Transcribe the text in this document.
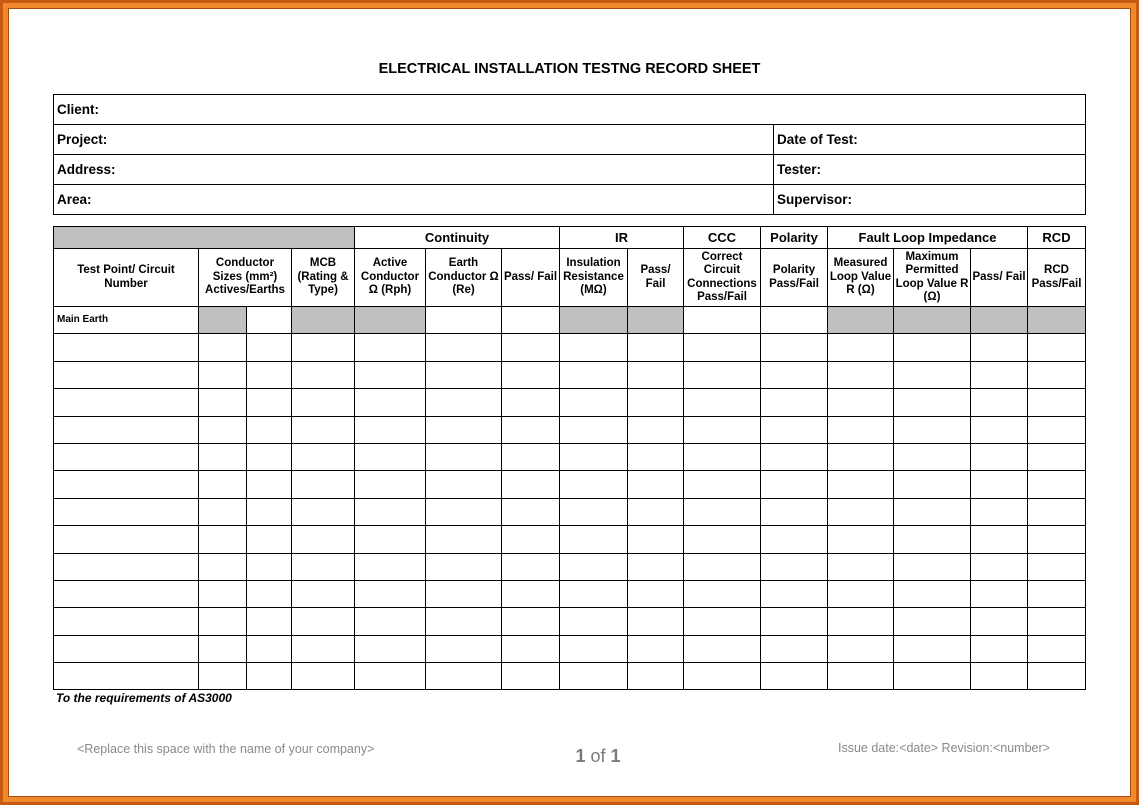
ELECTRICAL INSTALLATION TESTNG RECORD SHEET
Client:	
Project:	Date of Test:
Address:	Tester:
Area:	Supervisor:
				Continuity			IR		CCC	Polarity	Fault Loop Impedance			RCD
Test Point/ Circuit Number	Conductor Sizes (mm²) Actives/Earths		MCB (Rating & Type)	Active Conductor Ω (Rph)	Earth Conductor Ω (Re)	Pass/ Fail	Insulation Resistance (MΩ)	Pass/ Fail	Correct Circuit Connections Pass/Fail	Polarity Pass/Fail	Measured Loop Value R (Ω)	Maximum Permitted Loop Value R (Ω)	Pass/ Fail	RCD Pass/Fail
Main Earth														

To the requirements of AS3000
<Replace this space with the name of your company>	1 of 1	Issue date:<date> Revision:<number>
